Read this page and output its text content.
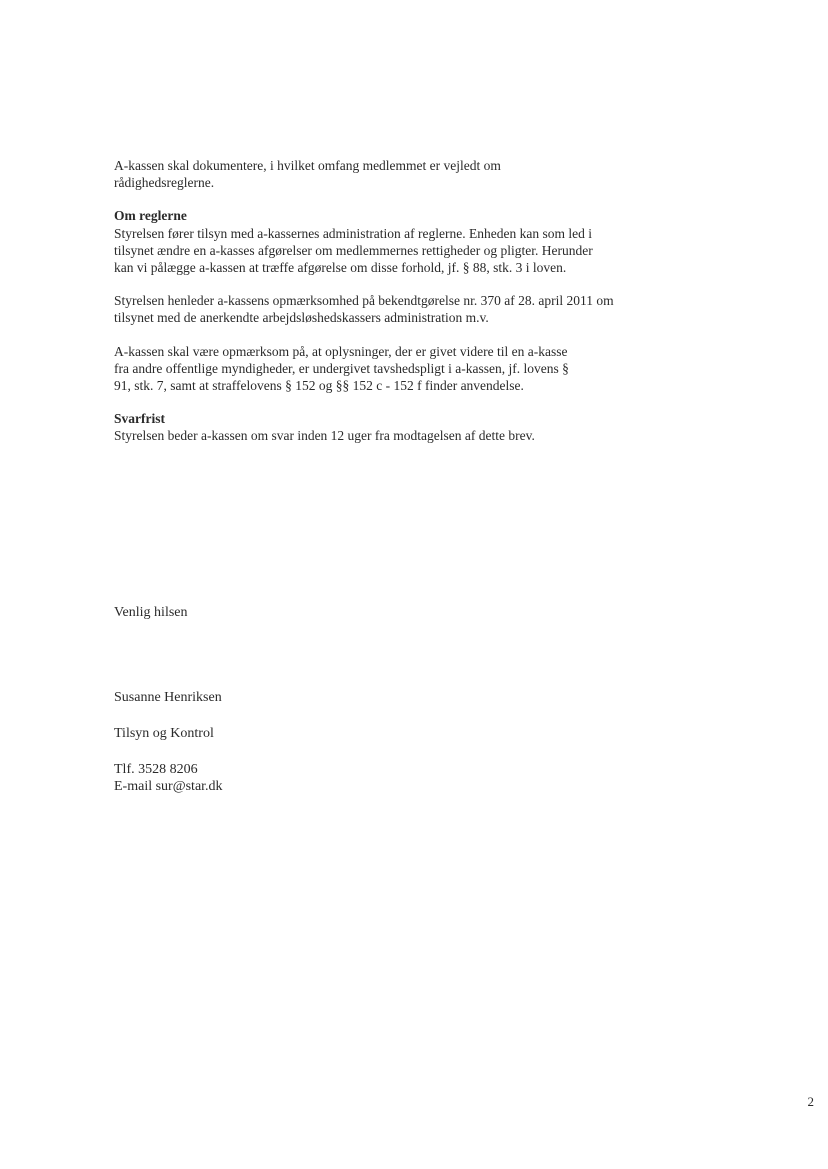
A-kassen skal dokumentere, i hvilket omfang medlemmet er vejledt om rådighedsreglerne.

Om reglerne
Styrelsen fører tilsyn med a-kassernes administration af reglerne. Enheden kan som led i tilsynet ændre en a-kasses afgørelser om medlemmernes rettigheder og pligter. Herunder kan vi pålægge a-kassen at træffe afgørelse om disse forhold, jf. § 88, stk. 3 i loven.

Styrelsen henleder a-kassens opmærksomhed på bekendtgørelse nr. 370 af 28. april 2011 om tilsynet med de anerkendte arbejdsløshedskassers administration m.v.

A-kassen skal være opmærksom på, at oplysninger, der er givet videre til en a-kasse fra andre offentlige myndigheder, er undergivet tavshedspligt i a-kassen, jf. lovens § 91, stk. 7, samt at straffelovens § 152 og §§ 152 c - 152 f finder anvendelse.

Svarfrist
Styrelsen beder a-kassen om svar inden 12 uger fra modtagelsen af dette brev.

Venlig hilsen
Susanne Henriksen
Tilsyn og Kontrol
Tlf. 3528 8206
E-mail sur@star.dk
2
